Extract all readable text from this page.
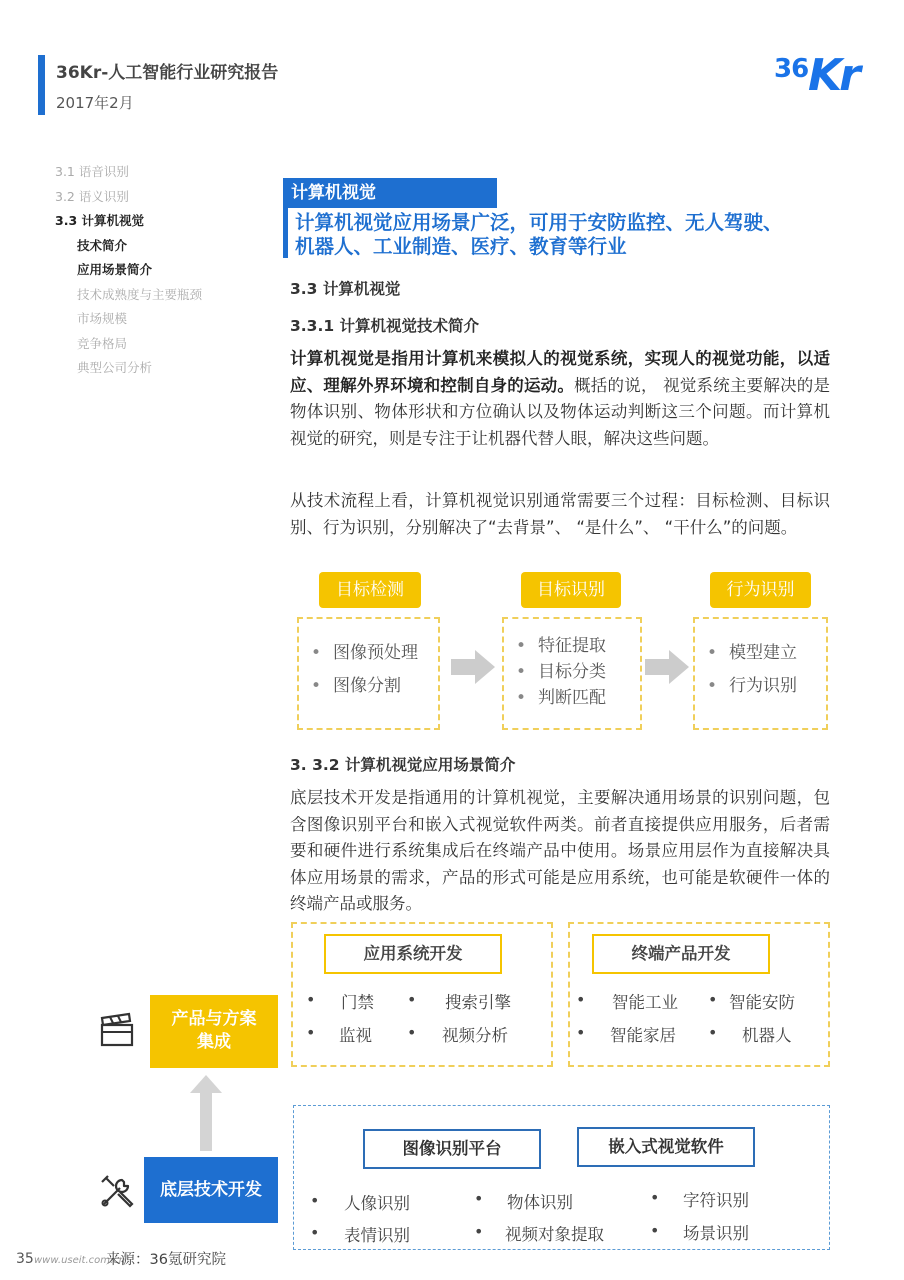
36Kr-人工智能行业研究报告
2017年2月
36 Kr
3.1 语音识别
3.2 语义识别
3.3 计算机视觉
技术简介
应用场景简介
技术成熟度与主要瓶颈
市场规模
竞争格局
典型公司分析
计算机视觉
计算机视觉应用场景广泛，可用于安防监控、无人驾驶、
机器人、工业制造、医疗、教育等行业
3.3 计算机视觉
3.3.1 计算机视觉技术简介
计算机视觉是指用计算机来模拟人的视觉系统，实现人的视觉功能，以适应、理解外界环境和控制自身的运动。概括的说， 视觉系统主要解决的是物体识别、物体形状和方位确认以及物体运动判断这三个问题。而计算机视觉的研究，则是专注于让机器代替人眼，解决这些问题。
从技术流程上看，计算机视觉识别通常需要三个过程：目标检测、目标识别、行为识别，分别解决了“去背景”、 “是什么”、 “干什么”的问题。
目标检测	目标识别	行为识别
• 图像预处理
• 图像分割
• 特征提取
• 目标分类
• 判断匹配
• 模型建立
• 行为识别
3. 3.2 计算机视觉应用场景简介
底层技术开发是指通用的计算机视觉，主要解决通用场景的识别问题，包含图像识别平台和嵌入式视觉软件两类。前者直接提供应用服务，后者需要和硬件进行系统集成后在终端产品中使用。场景应用层作为直接解决具体应用场景的需求，产品的形式可能是应用系统，也可能是软硬件一体的终端产品或服务。
应用系统开发
• 门禁 • 搜索引擎
• 监视 • 视频分析
终端产品开发
• 智能工业 • 智能安防
• 智能家居 • 机器人
产品与方案
集成
底层技术开发
图像识别平台	嵌入式视觉软件
• 人像识别	• 物体识别	• 字符识别
• 表情识别	• 视频对象提取	• 场景识别
35 www.useit.com.cn
来源：36氪研究院
